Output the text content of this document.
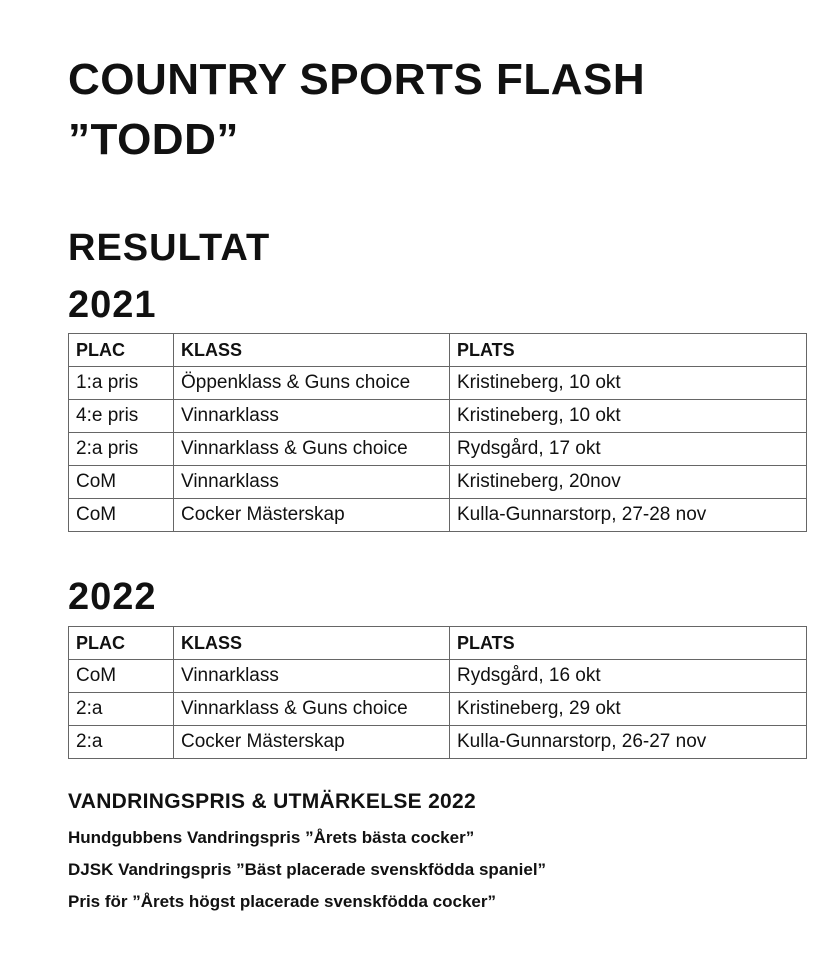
COUNTRY SPORTS FLASH
”TODD”
RESULTAT
2021
PLAC	KLASS	PLATS
1:a pris	Öppenklass & Guns choice	Kristineberg, 10 okt
4:e pris	Vinnarklass	Kristineberg, 10 okt
2:a pris	Vinnarklass & Guns choice	Rydsgård, 17 okt
CoM	Vinnarklass	Kristineberg, 20nov
CoM	Cocker Mästerskap	Kulla-Gunnarstorp, 27-28 nov
2022
PLAC	KLASS	PLATS
CoM	Vinnarklass	Rydsgård, 16 okt
2:a	Vinnarklass & Guns choice	Kristineberg, 29 okt
2:a	Cocker Mästerskap	Kulla-Gunnarstorp, 26-27 nov
VANDRINGSPRIS & UTMÄRKELSE 2022
Hundgubbens Vandringspris ”Årets bästa cocker”
DJSK Vandringspris ”Bäst placerade svenskfödda spaniel”
Pris för ”Årets högst placerade svenskfödda cocker”
